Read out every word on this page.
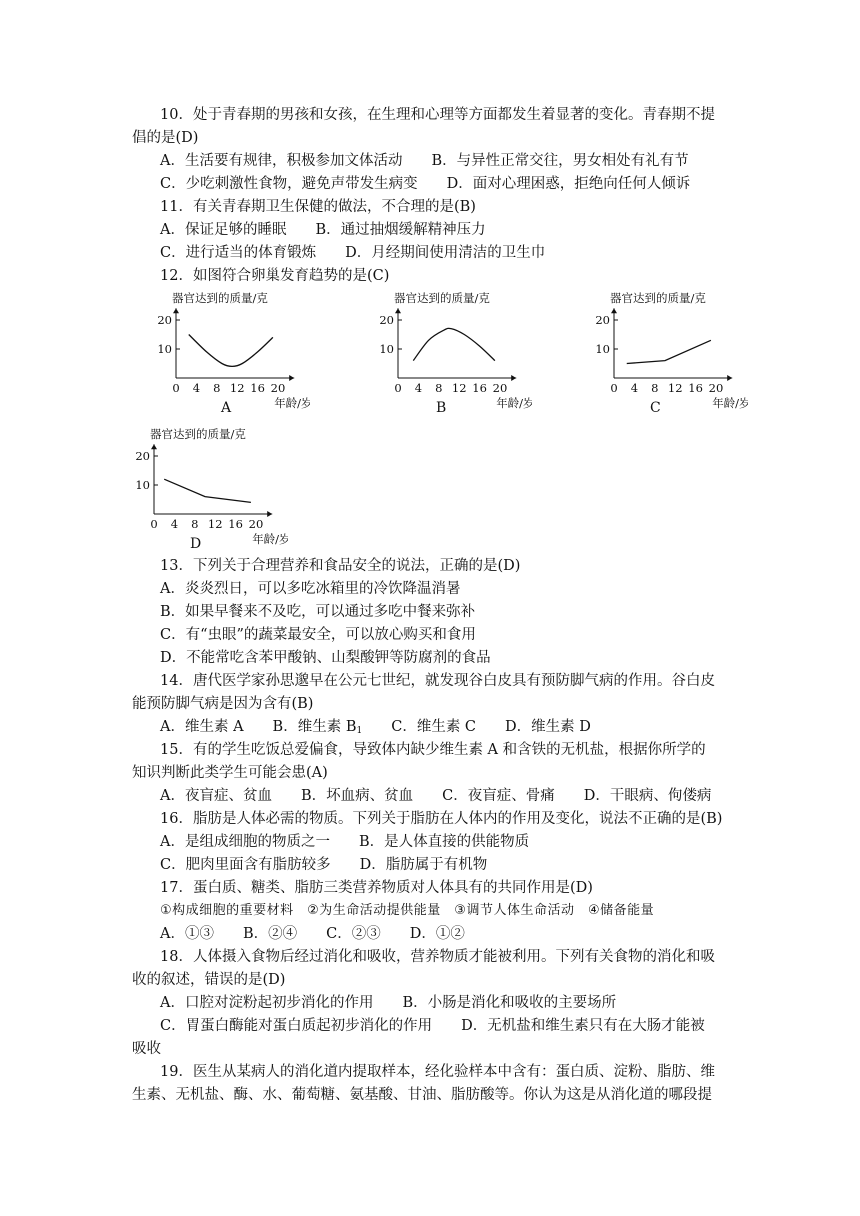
10．处于青春期的男孩和女孩，在生理和心理等方面都发生着显著的变化。青春期不提
倡的是(D)
A．生活要有规律，积极参加文体活动　　B．与异性正常交往，男女相处有礼有节
C．少吃刺激性食物，避免声带发生病变　　D．面对心理困惑，拒绝向任何人倾诉
11．有关青春期卫生保健的做法，不合理的是(B)
A．保证足够的睡眠　　B．通过抽烟缓解精神压力
C．进行适当的体育锻炼　　D．月经期间使用清洁的卫生巾
12．如图符合卵巢发育趋势的是(C)
器官达到的质量/克
10
20
0 4 8 12 16 20
年龄/岁
A
器官达到的质量/克
10
20
0 4 8 12 16 20
年龄/岁
B
器官达到的质量/克
10
20
0 4 8 12 16 20
年龄/岁
C
器官达到的质量/克
10
20
0 4 8 12 16 20
年龄/岁
D
13．下列关于合理营养和食品安全的说法，正确的是(D)
A．炎炎烈日，可以多吃冰箱里的冷饮降温消暑
B．如果早餐来不及吃，可以通过多吃中餐来弥补
C．有“虫眼”的蔬菜最安全，可以放心购买和食用
D．不能常吃含苯甲酸钠、山梨酸钾等防腐剂的食品
14．唐代医学家孙思邈早在公元七世纪，就发现谷白皮具有预防脚气病的作用。谷白皮
能预防脚气病是因为含有(B)
A．维生素 A　　B．维生素 $B_1$　　C．维生素 C　　D．维生素 D
15．有的学生吃饭总爱偏食，导致体内缺少维生素 A 和含铁的无机盐，根据你所学的
知识判断此类学生可能会患(A)
A．夜盲症、贫血　　B．坏血病、贫血　　C．夜盲症、骨痛　　D．干眼病、佝偻病
16．脂肪是人体必需的物质。下列关于脂肪在人体内的作用及变化，说法不正确的是(B)
A．是组成细胞的物质之一　　B．是人体直接的供能物质
C．肥肉里面含有脂肪较多　　D．脂肪属于有机物
17．蛋白质、糖类、脂肪三类营养物质对人体具有的共同作用是(D)
①构成细胞的重要材料　②为生命活动提供能量　③调节人体生命活动　④储备能量
A．①③　　B．②④　　C．②③　　D．①②
18．人体摄入食物后经过消化和吸收，营养物质才能被利用。下列有关食物的消化和吸
收的叙述，错误的是(D)
A．口腔对淀粉起初步消化的作用　　B．小肠是消化和吸收的主要场所
C．胃蛋白酶能对蛋白质起初步消化的作用　　D．无机盐和维生素只有在大肠才能被
吸收
19．医生从某病人的消化道内提取样本，经化验样本中含有：蛋白质、淀粉、脂肪、维
生素、无机盐、酶、水、葡萄糖、氨基酸、甘油、脂肪酸等。你认为这是从消化道的哪段提
